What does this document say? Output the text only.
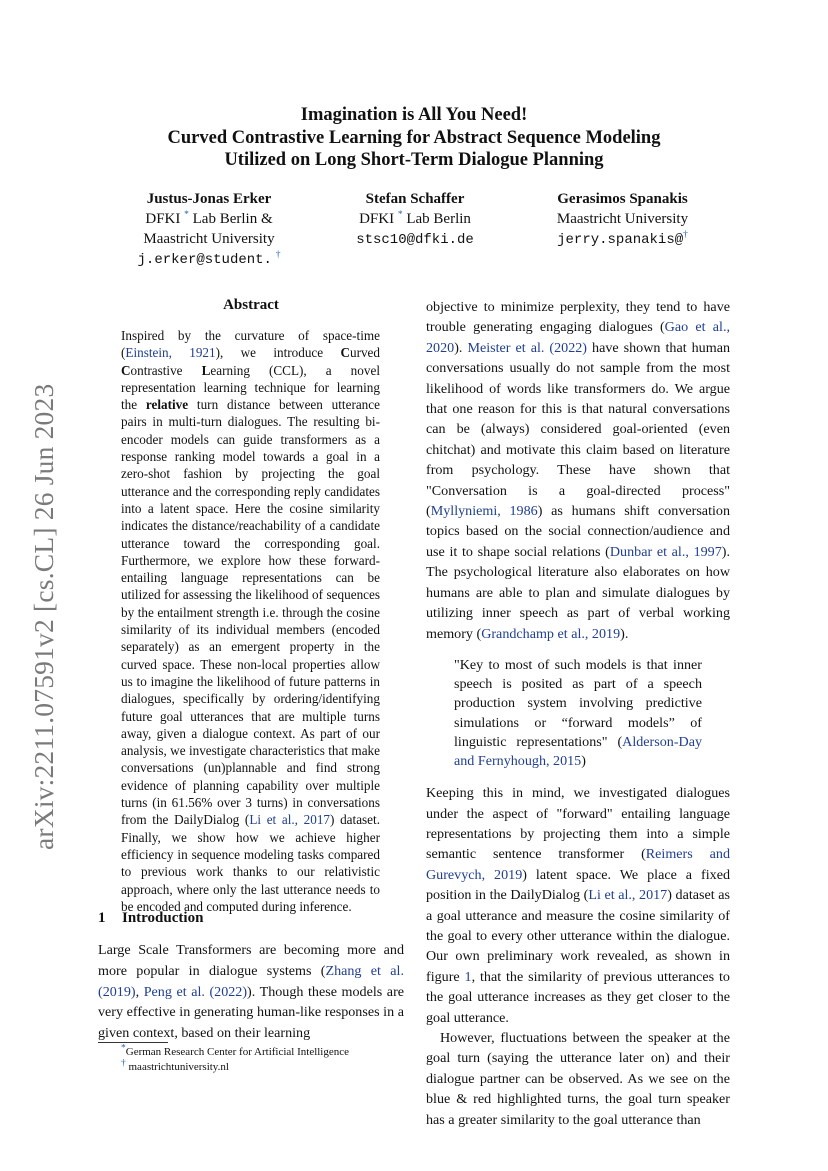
Imagination is All You Need!
Curved Contrastive Learning for Abstract Sequence Modeling
Utilized on Long Short-Term Dialogue Planning
Justus-Jonas Erker
DFKI * Lab Berlin &
Maastricht University
j.erker@student. †
Stefan Schaffer
DFKI * Lab Berlin
stsc10@dfki.de
Gerasimos Spanakis
Maastricht University
jerry.spanakis@†
arXiv:2211.07591v2 [cs.CL] 26 Jun 2023
Abstract

Inspired by the curvature of space-time (Einstein, 1921), we introduce Curved Contrastive Learning (CCL), a novel representation learning technique for learning the relative turn distance between utterance pairs in multi-turn dialogues. The resulting bi-encoder models can guide transformers as a response ranking model towards a goal in a zero-shot fashion by projecting the goal utterance and the corresponding reply candidates into a latent space. Here the cosine similarity indicates the distance/reachability of a candidate utterance toward the corresponding goal. Furthermore, we explore how these forward-entailing language representations can be utilized for assessing the likelihood of sequences by the entailment strength i.e. through the cosine similarity of its individual members (encoded separately) as an emergent property in the curved space. These non-local properties allow us to imagine the likelihood of future patterns in dialogues, specifically by ordering/identifying future goal utterances that are multiple turns away, given a dialogue context. As part of our analysis, we investigate characteristics that make conversations (un)plannable and find strong evidence of planning capability over multiple turns (in 61.56% over 3 turns) in conversations from the DailyDialog (Li et al., 2017) dataset. Finally, we show how we achieve higher efficiency in sequence modeling tasks compared to previous work thanks to our relativistic approach, where only the last utterance needs to be encoded and computed during inference.

1 Introduction

Large Scale Transformers are becoming more and more popular in dialogue systems (Zhang et al. (2019), Peng et al. (2022)). Though these models are very effective in generating human-like responses in a given context, based on their learning

*German Research Center for Artificial Intelligence
† maastrichtuniversity.nl

objective to minimize perplexity, they tend to have trouble generating engaging dialogues (Gao et al., 2020). Meister et al. (2022) have shown that human conversations usually do not sample from the most likelihood of words like transformers do. We argue that one reason for this is that natural conversations can be (always) considered goal-oriented (even chitchat) and motivate this claim based on literature from psychology. These have shown that "Conversation is a goal-directed process" (Myllyniemi, 1986) as humans shift conversation topics based on the social connection/audience and use it to shape social relations (Dunbar et al., 1997). The psychological literature also elaborates on how humans are able to plan and simulate dialogues by utilizing inner speech as part of verbal working memory (Grandchamp et al., 2019).

"Key to most of such models is that inner speech is posited as part of a speech production system involving predictive simulations or “forward models” of linguistic representations" (Alderson-Day and Fernyhough, 2015)

Keeping this in mind, we investigated dialogues under the aspect of "forward" entailing language representations by projecting them into a simple semantic sentence transformer (Reimers and Gurevych, 2019) latent space. We place a fixed position in the DailyDialog (Li et al., 2017) dataset as a goal utterance and measure the cosine similarity of the goal to every other utterance within the dialogue. Our own preliminary work revealed, as shown in figure 1, that the similarity of previous utterances to the goal utterance increases as they get closer to the goal utterance.

However, fluctuations between the speaker at the goal turn (saying the utterance later on) and their dialogue partner can be observed. As we see on the blue & red highlighted turns, the goal turn speaker has a greater similarity to the goal utterance than
